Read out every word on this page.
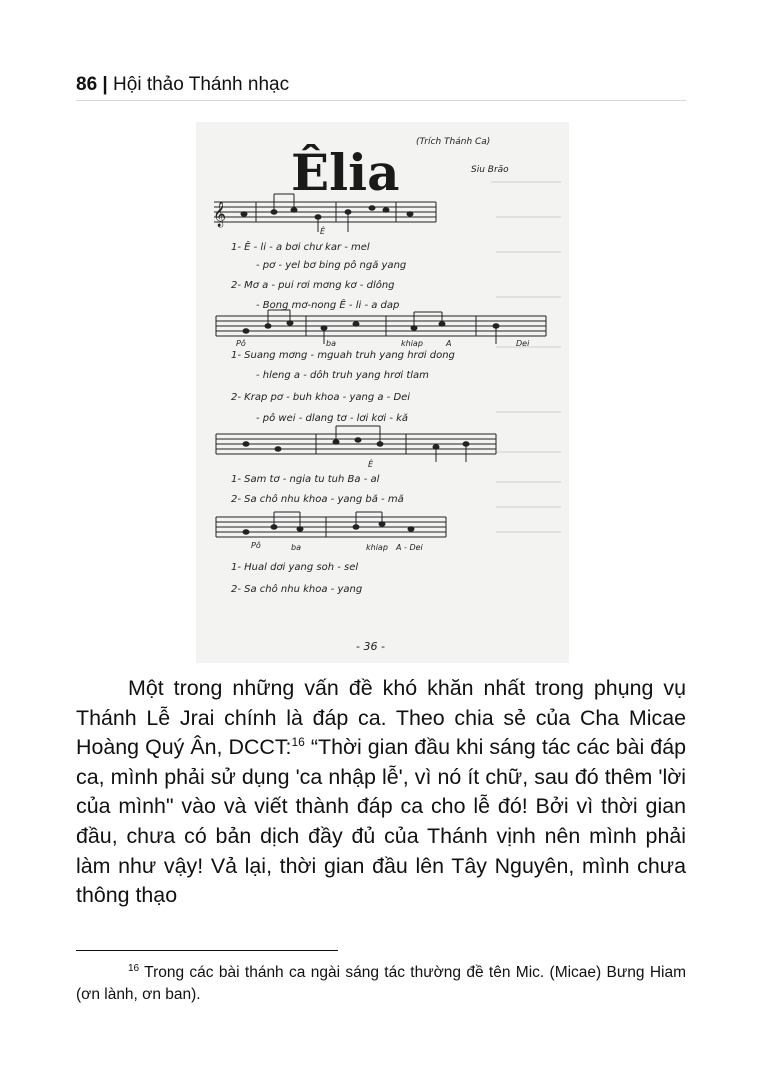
86 | Hội thảo Thánh nhạc
(Trích Thánh Ca)
Êlia	Siu Brão
𝄞
Ê
1- Ê - li - a bơi chư kar - mel
- pơ - yel bơ bing pô ngă yang
2- Mơ a - pui rơi mơng kơ - dlông
- Bong mơ-nong Ê - li - a dap
Pô	ba	khiap	A	Dei
1- Suang mơng - mguah truh yang hrơi dong
- hleng a - dôh truh yang hrơi tlam
2- Krap pơ - buh khoa - yang a - Dei
- pô wei - dlang tơ - lơi kơi - kă
Ê
1- Sam tơ - ngia tu tuh Ba - al
2- Sa chô nhu khoa - yang bă - mă
Pô	ba	khiap A - Dei
1- Hual dơi yang soh - sel
2- Sa chô nhu khoa - yang
- 36 -
Một trong những vấn đề khó khăn nhất trong phụng vụ Thánh Lễ Jrai chính là đáp ca. Theo chia sẻ của Cha Micae Hoàng Quý Ân, DCCT:$^{16}$ “Thời gian đầu khi sáng tác các bài đáp ca, mình phải sử dụng 'ca nhập lễ', vì nó ít chữ, sau đó thêm 'lời của mình" vào và viết thành đáp ca cho lễ đó! Bởi vì thời gian đầu, chưa có bản dịch đầy đủ của Thánh vịnh nên mình phải làm như vậy! Vả lại, thời gian đầu lên Tây Nguyên, mình chưa thông thạo
$^{16}$ Trong các bài thánh ca ngài sáng tác thường đề tên Mic. (Micae) Bưng Hiam (ơn lành, ơn ban).
